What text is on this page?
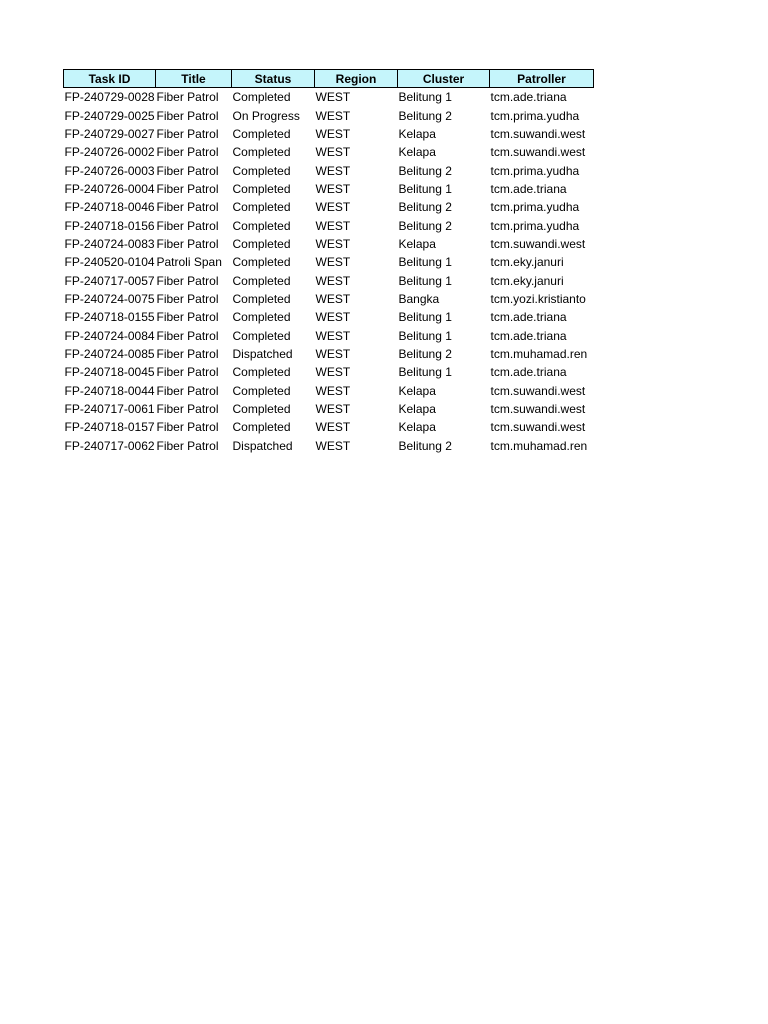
Task ID	Title	Status	Region	Cluster	Patroller
FP-240729-0028	Fiber Patrol	Completed	WEST	Belitung 1	tcm.ade.triana
FP-240729-0025	Fiber Patrol	On Progress	WEST	Belitung 2	tcm.prima.yudha
FP-240729-0027	Fiber Patrol	Completed	WEST	Kelapa	tcm.suwandi.west
FP-240726-0002	Fiber Patrol	Completed	WEST	Kelapa	tcm.suwandi.west
FP-240726-0003	Fiber Patrol	Completed	WEST	Belitung 2	tcm.prima.yudha
FP-240726-0004	Fiber Patrol	Completed	WEST	Belitung 1	tcm.ade.triana
FP-240718-0046	Fiber Patrol	Completed	WEST	Belitung 2	tcm.prima.yudha
FP-240718-0156	Fiber Patrol	Completed	WEST	Belitung 2	tcm.prima.yudha
FP-240724-0083	Fiber Patrol	Completed	WEST	Kelapa	tcm.suwandi.west
FP-240520-0104	Patroli Span	Completed	WEST	Belitung 1	tcm.eky.januri
FP-240717-0057	Fiber Patrol	Completed	WEST	Belitung 1	tcm.eky.januri
FP-240724-0075	Fiber Patrol	Completed	WEST	Bangka	tcm.yozi.kristianto
FP-240718-0155	Fiber Patrol	Completed	WEST	Belitung 1	tcm.ade.triana
FP-240724-0084	Fiber Patrol	Completed	WEST	Belitung 1	tcm.ade.triana
FP-240724-0085	Fiber Patrol	Dispatched	WEST	Belitung 2	tcm.muhamad.ren
FP-240718-0045	Fiber Patrol	Completed	WEST	Belitung 1	tcm.ade.triana
FP-240718-0044	Fiber Patrol	Completed	WEST	Kelapa	tcm.suwandi.west
FP-240717-0061	Fiber Patrol	Completed	WEST	Kelapa	tcm.suwandi.west
FP-240718-0157	Fiber Patrol	Completed	WEST	Kelapa	tcm.suwandi.west
FP-240717-0062	Fiber Patrol	Dispatched	WEST	Belitung 2	tcm.muhamad.ren
